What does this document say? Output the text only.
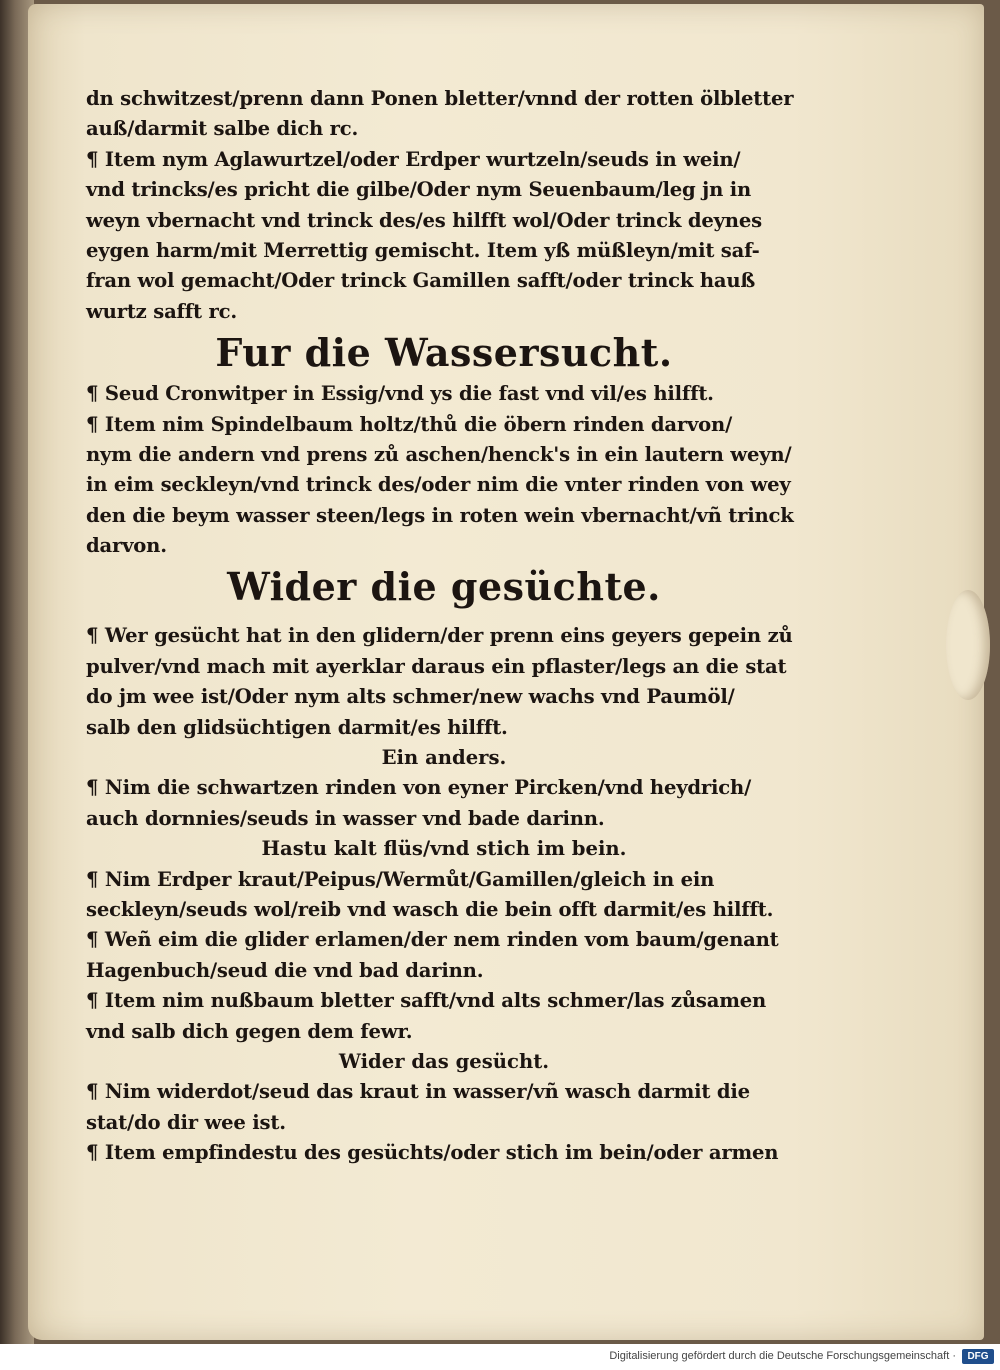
dn schwitzest/prenn dann Ponen bletter/vnnd der rotten ölbletter
auß/darmit salbe dich rc.
¶ Item nym Aglawurtzel/oder Erdper wurtzeln/seuds in wein/
vnd trincks/es pricht die gilbe/Oder nym Seuenbaum/leg jn in
weyn vbernacht vnd trinck des/es hilfft wol/Oder trinck deynes
eygen harm/mit Merrettig gemischt. Item yß müßleyn/mit saf-
fran wol gemacht/Oder trinck Gamillen safft/oder trinck hauß
wurtz safft rc.
Fur die Wassersucht.
¶ Seud Cronwitper in Essig/vnd ys die fast vnd vil/es hilfft.
¶ Item nim Spindelbaum holtz/thů die öbern rinden darvon/
nym die andern vnd prens zů aschen/henck's in ein lautern weyn/
in eim seckleyn/vnd trinck des/oder nim die vnter rinden von wey
den die beym wasser steen/legs in roten wein vbernacht/vñ trinck
darvon.
Wider die gesüchte.
¶ Wer gesücht hat in den glidern/der prenn eins geyers gepein zů
pulver/vnd mach mit ayerklar daraus ein pflaster/legs an die stat
do jm wee ist/Oder nym alts schmer/new wachs vnd Paumöl/
salb den glidsüchtigen darmit/es hilfft.
Ein anders.
¶ Nim die schwartzen rinden von eyner Pircken/vnd heydrich/
auch dornnies/seuds in wasser vnd bade darinn.
Hastu kalt flüs/vnd stich im bein.
¶ Nim Erdper kraut/Peipus/Wermůt/Gamillen/gleich in ein
seckleyn/seuds wol/reib vnd wasch die bein offt darmit/es hilfft.
¶ Weñ eim die glider erlamen/der nem rinden vom baum/genant
Hagenbuch/seud die vnd bad darinn.
¶ Item nim nußbaum bletter safft/vnd alts schmer/las zůsamen
vnd salb dich gegen dem fewr.
Wider das gesücht.
¶ Nim widerdot/seud das kraut in wasser/vñ wasch darmit die
stat/do dir wee ist.
¶ Item empfindestu des gesüchts/oder stich im bein/oder armen
Digitalisierung gefördert durch die Deutsche Forschungsgemeinschaft ·	DFG
